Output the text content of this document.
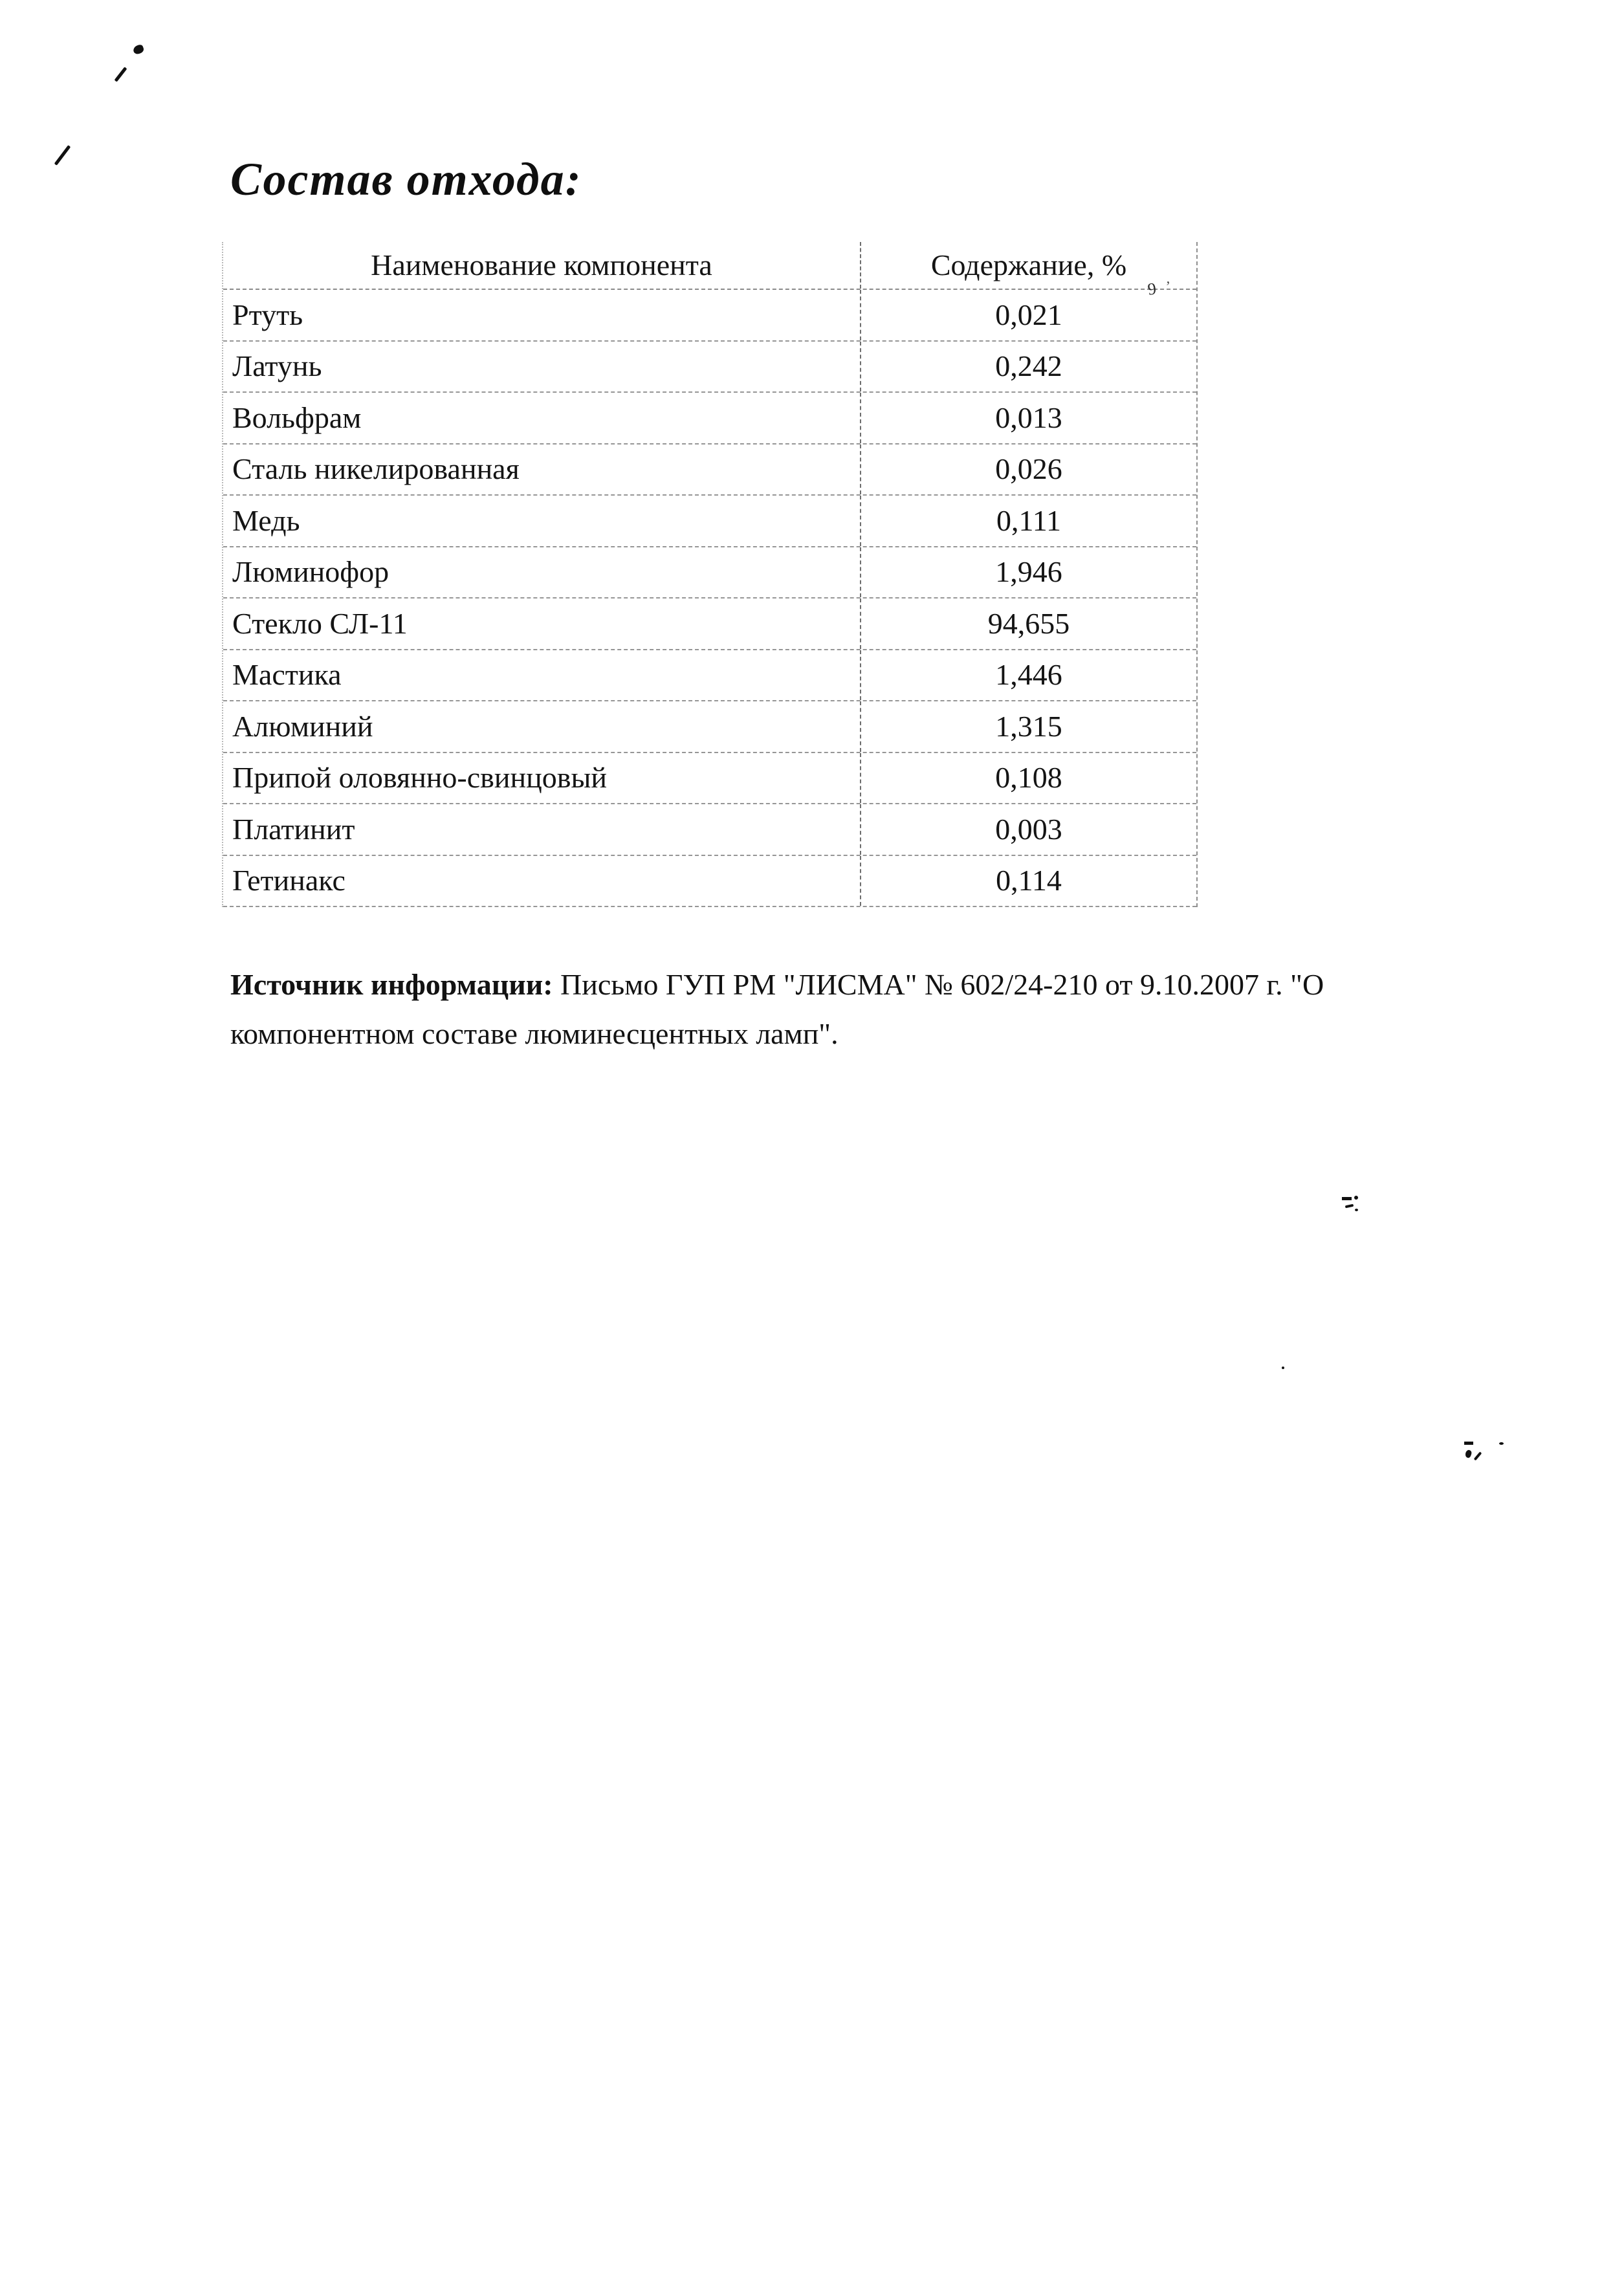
Состав отхода:
Наименование компонента	Содержание, %
9 ʼ
Ртуть	0,021
Латунь	0,242
Вольфрам	0,013
Сталь никелированная	0,026
Медь	0,111
Люминофор	1,946
Стекло СЛ-11	94,655
Мастика	1,446
Алюминий	1,315
Припой оловянно-свинцовый	0,108
Платинит	0,003
Гетинакс	0,114

Источник информации: Письмо ГУП РМ "ЛИСМА" № 602/24-210 от 9.10.2007 г. "О компонентном составе люминесцентных ламп".
